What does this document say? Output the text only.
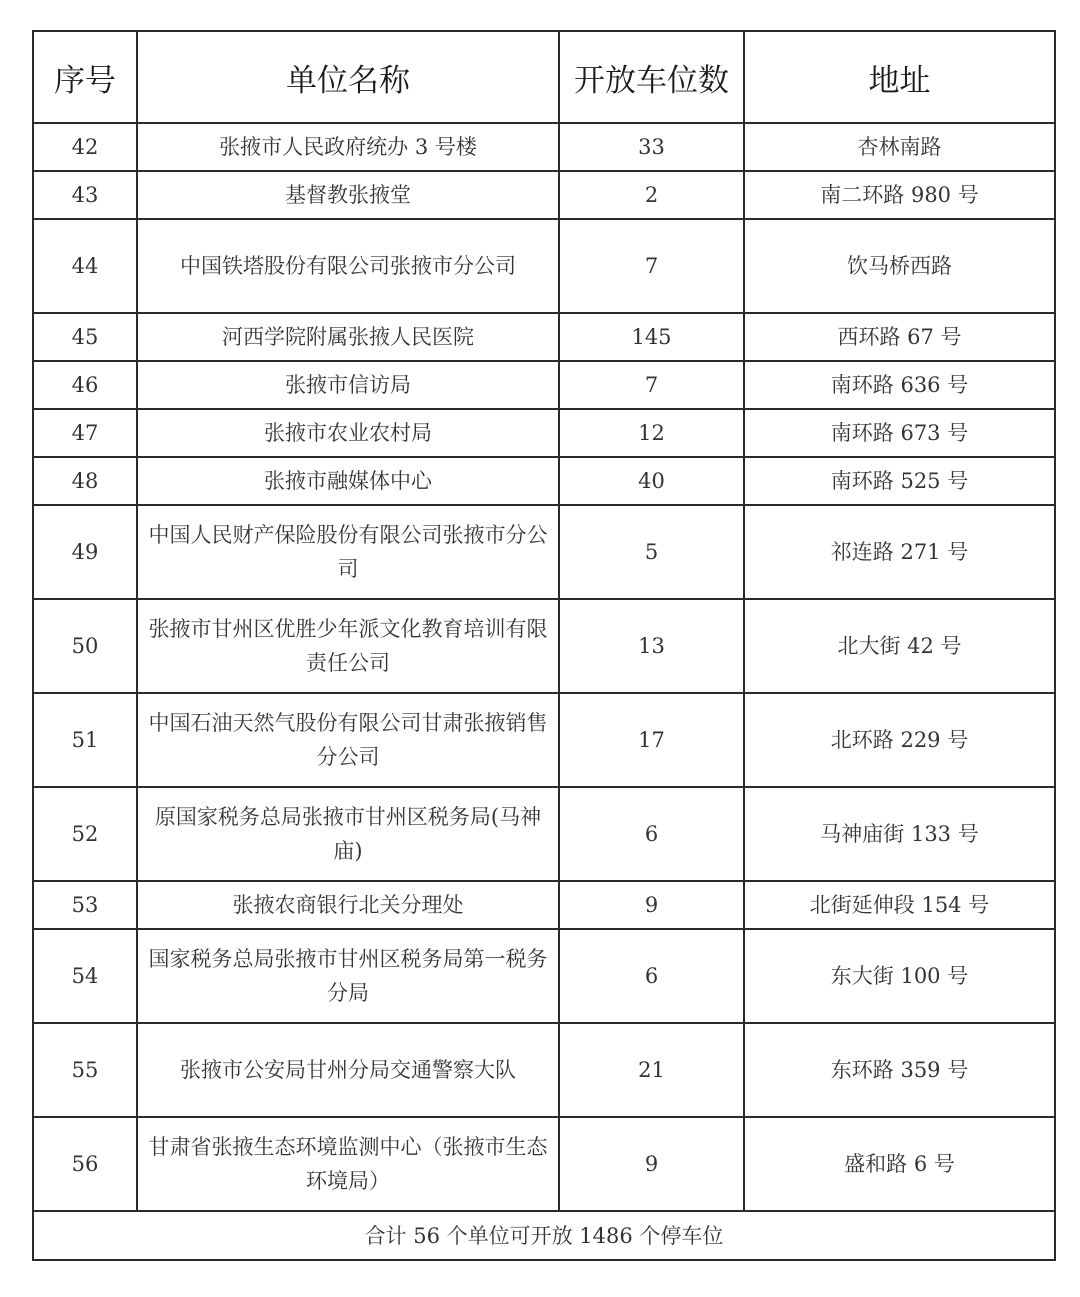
序号	单位名称	开放车位数	地址
42	张掖市人民政府统办 3 号楼	33	杏林南路
43	基督教张掖堂	2	南二环路 980 号
44	中国铁塔股份有限公司张掖市分公司	7	饮马桥西路
45	河西学院附属张掖人民医院	145	西环路 67 号
46	张掖市信访局	7	南环路 636 号
47	张掖市农业农村局	12	南环路 673 号
48	张掖市融媒体中心	40	南环路 525 号
49	中国人民财产保险股份有限公司张掖市分公司	5	祁连路 271 号
50	张掖市甘州区优胜少年派文化教育培训有限责任公司	13	北大街 42 号
51	中国石油天然气股份有限公司甘肃张掖销售分公司	17	北环路 229 号
52	原国家税务总局张掖市甘州区税务局(马神庙)	6	马神庙街 133 号
53	张掖农商银行北关分理处	9	北街延伸段 154 号
54	国家税务总局张掖市甘州区税务局第一税务分局	6	东大街 100 号
55	张掖市公安局甘州分局交通警察大队	21	东环路 359 号
56	甘肃省张掖生态环境监测中心（张掖市生态环境局）	9	盛和路 6 号
合计 56 个单位可开放 1486 个停车位			
